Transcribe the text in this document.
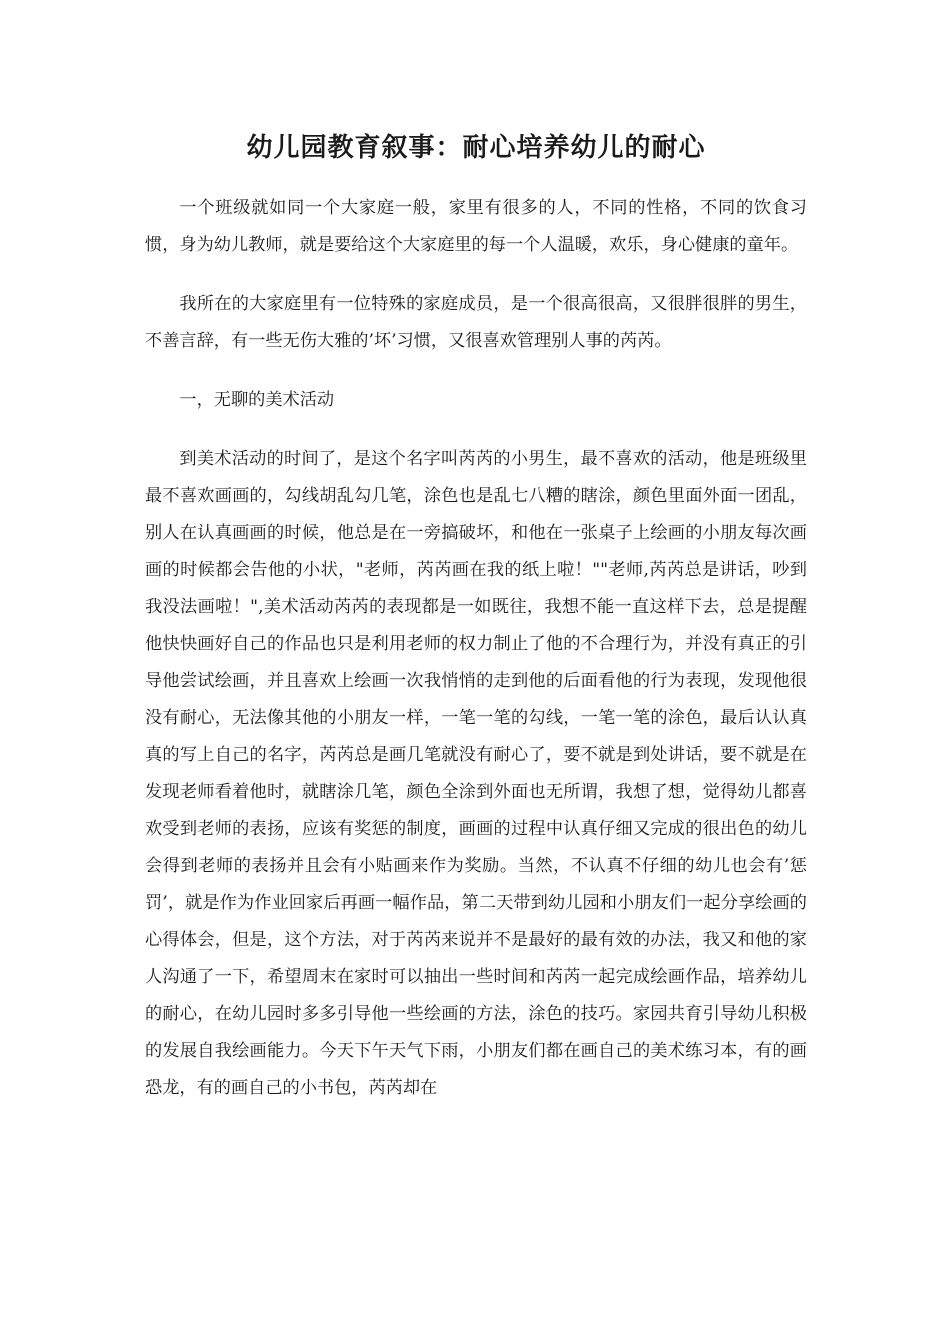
幼儿园教育叙事：耐心培养幼儿的耐心

一个班级就如同一个大家庭一般，家里有很多的人，不同的性格，不同的饮食习惯，身为幼儿教师，就是要给这个大家庭里的每一个人温暖，欢乐，身心健康的童年。

我所在的大家庭里有一位特殊的家庭成员，是一个很高很高，又很胖很胖的男生，不善言辞，有一些无伤大雅的’坏’习惯，又很喜欢管理别人事的芮芮。

一，无聊的美术活动

到美术活动的时间了，是这个名字叫芮芮的小男生，最不喜欢的活动，他是班级里最不喜欢画画的，勾线胡乱勾几笔，涂色也是乱七八糟的瞎涂，颜色里面外面一团乱，别人在认真画画的时候，他总是在一旁搞破坏，和他在一张桌子上绘画的小朋友每次画画的时候都会告他的小状，"老师，芮芮画在我的纸上啦！""老师,芮芮总是讲话，吵到我没法画啦！",美术活动芮芮的表现都是一如既往，我想不能一直这样下去，总是提醒他快快画好自己的作品也只是利用老师的权力制止了他的不合理行为，并没有真正的引导他尝试绘画，并且喜欢上绘画一次我悄悄的走到他的后面看他的行为表现，发现他很没有耐心，无法像其他的小朋友一样，一笔一笔的勾线，一笔一笔的涂色，最后认认真真的写上自己的名字，芮芮总是画几笔就没有耐心了，要不就是到处讲话，要不就是在发现老师看着他时，就瞎涂几笔，颜色全涂到外面也无所谓，我想了想，觉得幼儿都喜欢受到老师的表扬，应该有奖惩的制度，画画的过程中认真仔细又完成的很出色的幼儿会得到老师的表扬并且会有小贴画来作为奖励。当然，不认真不仔细的幼儿也会有’惩罚’，就是作为作业回家后再画一幅作品，第二天带到幼儿园和小朋友们一起分享绘画的心得体会，但是，这个方法，对于芮芮来说并不是最好的最有效的办法，我又和他的家人沟通了一下，希望周末在家时可以抽出一些时间和芮芮一起完成绘画作品，培养幼儿的耐心，在幼儿园时多多引导他一些绘画的方法，涂色的技巧。家园共育引导幼儿积极的发展自我绘画能力。今天下午天气下雨，小朋友们都在画自己的美术练习本，有的画恐龙，有的画自己的小书包，芮芮却在
